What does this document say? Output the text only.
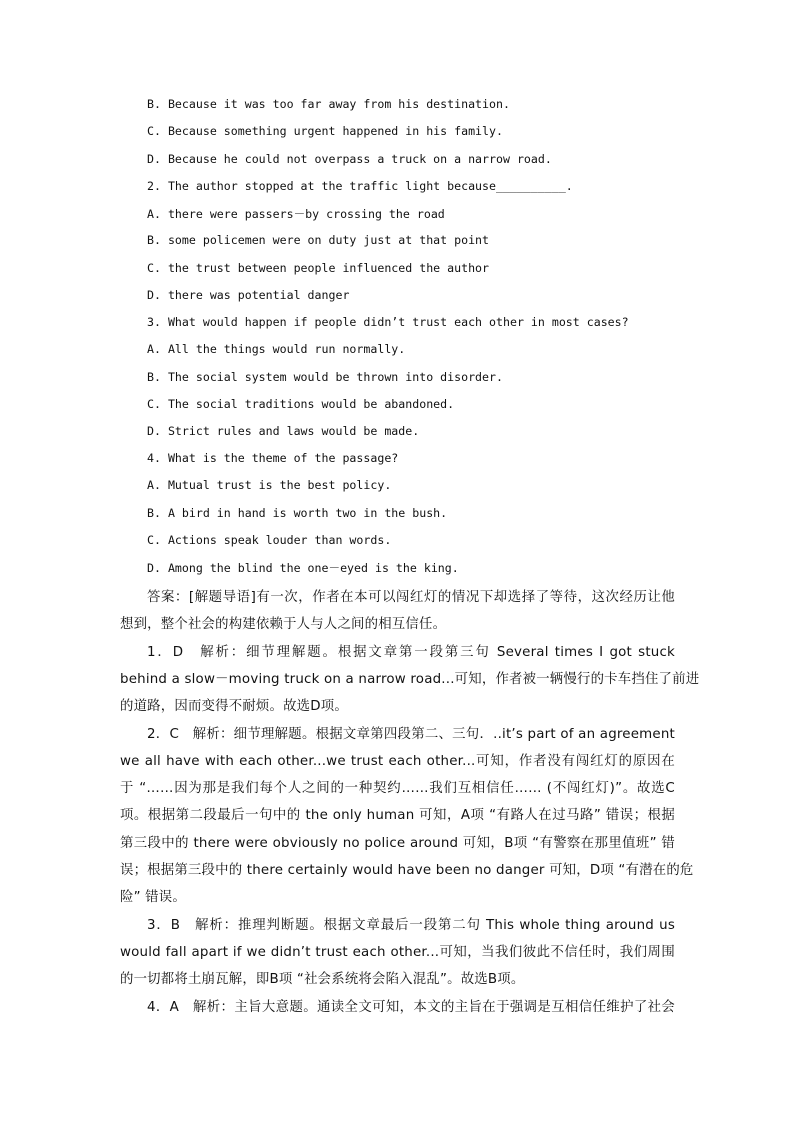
B. Because it was too far away from his destination.
C. Because something urgent happened in his family.
D. Because he could not overpass a truck on a narrow road.
2. The author stopped at the traffic light because__________.
A. there were passers－by crossing the road
B. some policemen were on duty just at that point
C. the trust between people influenced the author
D. there was potential danger
3. What would happen if people didn’t trust each other in most cases?
A. All the things would run normally.
B. The social system would be thrown into disorder.
C. The social traditions would be abandoned.
D. Strict rules and laws would be made.
4. What is the theme of the passage?
A. Mutual trust is the best policy.
B. A bird in hand is worth two in the bush.
C. Actions speak louder than words.
D. Among the blind the one－eyed is the king.
答案：[解题导语]有一次，作者在本可以闯红灯的情况下却选择了等待，这次经历让他
想到，整个社会的构建依赖于人与人之间的相互信任。
1．D　解析：细节理解题。根据文章第一段第三句 Several times I got stuck
behind a slow－moving truck on a narrow road...可知，作者被一辆慢行的卡车挡住了前进
的道路，因而变得不耐烦。故选D项。
2．C　解析：细节理解题。根据文章第四段第二、三句．..it’s part of an agreement
we all have with each other...we trust each other...可知，作者没有闯红灯的原因在
于 “……因为那是我们每个人之间的一种契约……我们互相信任…… (不闯红灯)”。故选C
项。根据第二段最后一句中的 the only human 可知，A项 “有路人在过马路” 错误；根据
第三段中的 there were obviously no police around 可知，B项 “有警察在那里值班” 错
误；根据第三段中的 there certainly would have been no danger 可知，D项 “有潜在的危
险” 错误。
3．B　解析：推理判断题。根据文章最后一段第二句 This whole thing around us
would fall apart if we didn’t trust each other...可知，当我们彼此不信任时，我们周围
的一切都将土崩瓦解，即B项 “社会系统将会陷入混乱”。故选B项。
4．A　解析：主旨大意题。通读全文可知，本文的主旨在于强调是互相信任维护了社会
